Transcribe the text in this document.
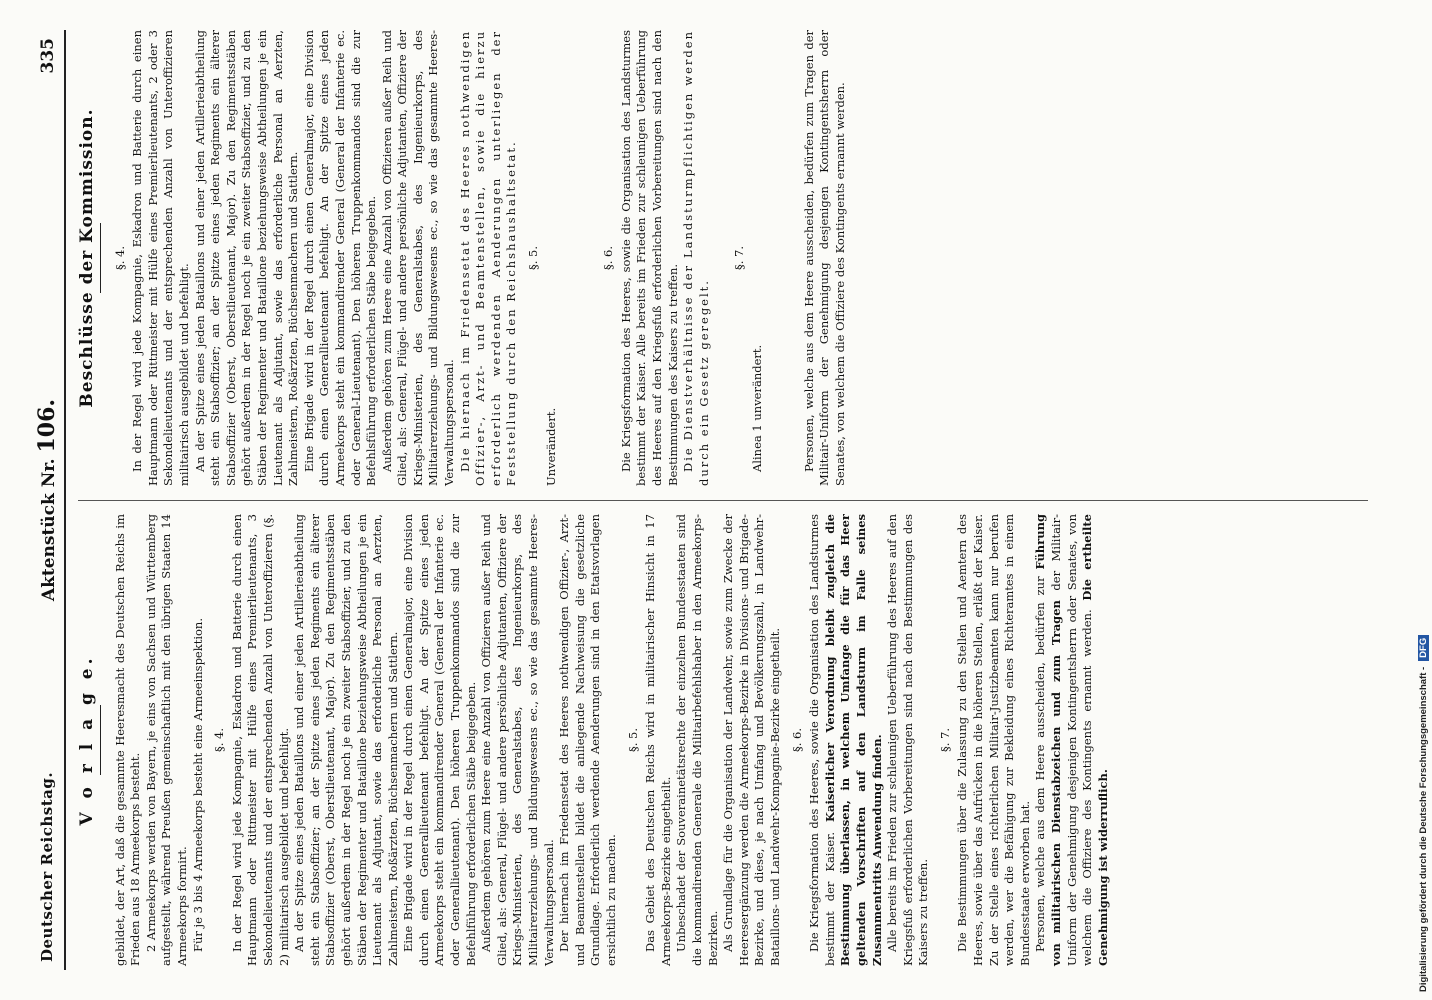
Deutscher Reichstag.
Aktenstück Nr. 106.
335
V o r l a g e. gebildet, der Art, daß die gesammte Heeresmacht des Deutschen Reichs im Frieden aus 18 Armeekorps besteht. 2 Armeekorps werden von Bayern, je eins von Sachsen und Württemberg aufgestellt, während Preußen gemeinschaftlich mit den übrigen Staaten 14 Armeekorps formirt. Für je 3 bis 4 Armeekorps besteht eine Armeeinspektion. §. 4. In der Regel wird jede Kompagnie, Eskadron und Batterie durch einen Hauptmann oder Rittmeister mit Hülfe eines Premierlieutenants, 3 Sekondelieutenants und der entsprechenden Anzahl von Unteroffizieren (§. 2) militairisch ausgebildet und befehligt. An der Spitze eines jeden Bataillons und einer jeden Artillerieabtheilung steht ein Stabsoffizier; an der Spitze eines jeden Regiments ein älterer Stabsoffizier (Oberst, Oberstlieutenant, Major). Zu den Regimentsstäben gehört außerdem in der Regel noch je ein zweiter Stabsoffizier, und zu den Stäben der Regimenter und Bataillone beziehungsweise Abtheilungen je ein Lieutenant als Adjutant, sowie das erforderliche Personal an Aerzten, Zahlmeistern, Roßärzten, Büchsenmachern und Sattlern. Eine Brigade wird in der Regel durch einen Generalmajor, eine Division durch einen Generallieutenant befehligt. An der Spitze eines jeden Armeekorps steht ein kommandirender General (General der Infanterie ec. oder Generallieutenant). Den höheren Truppenkommandos sind die zur Befehlführung erforderlichen Stäbe beigegeben. Außerdem gehören zum Heere eine Anzahl von Offizieren außer Reih und Glied, als: General, Flügel- und andere persönliche Adjutanten, Offiziere der Kriegs-Ministerien, des Generalstabes, des Ingenieurkorps, des Militairerziehungs- und Bildungswesens ec., so wie das gesammte Heeres-Verwaltungspersonal. Der hiernach im Friedensetat des Heeres nothwendigen Offizier-, Arzt- und Beamtenstellen bildet die anliegende Nachweisung die gesetzliche Grundlage. Erforderlich werdende Aenderungen sind in den Etatsvorlagen ersichtlich zu machen.

§. 5. Das Gebiet des Deutschen Reichs wird in militairischer Hinsicht in 17 Armeekorps-Bezirke eingetheilt. Unbeschadet der Souverainetätsrechte der einzelnen Bundesstaaten sind die kommandirenden Generale die Militairbefehlshaber in den Armeekorps-Bezirken. Als Grundlage für die Organisation der Landwehr, sowie zum Zwecke der Heeresergänzung werden die Armeekorps-Bezirke in Divisions- und Brigade-Bezirke, und diese, je nach Umfang und Bevölkerungszahl, in Landwehr-Bataillons- und Landwehr-Kompagnie-Bezirke eingetheilt. §. 6. Die Kriegsformation des Heeres, sowie die Organisation des Landsturmes bestimmt der Kaiser. Kaiserlicher Verordnung bleibt zugleich die Bestimmung überlassen, in welchem Umfange die für das Heer geltenden Vorschriften auf den Landsturm im Falle seines Zusammentritts Anwendung finden. Alle bereits im Frieden zur schleunigen Ueberführung des Heeres auf den Kriegsfuß erforderlichen Vorbereitungen sind nach den Bestimmungen des Kaisers zu treffen.

§. 7. Die Bestimmungen über die Zulassung zu den Stellen und Aemtern des Heeres, sowie über das Aufrücken in die höheren Stellen, erläßt der Kaiser. Zu der Stelle eines richterlichen Militair-Justizbeamten kann nur berufen werden, wer die Befähigung zur Bekleidung eines Richteramtes in einem Bundesstaate erworben hat. Personen, welche aus dem Heere ausscheiden, bedürfen zur Führung von militairischen Dienstabzeichen und zum Tragen der Militair-Uniform der Genehmigung desjenigen Kontingentsherrn oder Senates, von welchem die Offiziere des Kontingents ernannt werden. Die ertheilte Genehmigung ist widerruflich.

Beschlüsse der Kommission. §. 4. In der Regel wird jede Kompagnie, Eskadron und Batterie durch einen Hauptmann oder Rittmeister mit Hülfe eines Premierlieutenants, 2 oder 3 Sekondelieutenants und der entsprechenden Anzahl von Unteroffizieren militairisch ausgebildet und befehligt. An der Spitze eines jeden Bataillons und einer jeden Artillerieabtheilung steht ein Stabsoffizier; an der Spitze eines jeden Regiments ein älterer Stabsoffizier (Oberst, Oberstlieutenant, Major). Zu den Regimentsstäben gehört außerdem in der Regel noch je ein zweiter Stabsoffizier, und zu den Stäben der Regimenter und Bataillone beziehungsweise Abtheilungen je ein Lieutenant als Adjutant, sowie das erforderliche Personal an Aerzten, Zahlmeistern, Roßärzten, Büchsenmachern und Sattlern. Eine Brigade wird in der Regel durch einen Generalmajor, eine Division durch einen Generallieutenant befehligt. An der Spitze eines jeden Armeekorps steht ein kommandirender General (General der Infanterie ec. oder General-Lieutenant). Den höheren Truppenkommandos sind die zur Befehlsführung erforderlichen Stäbe beigegeben. Außerdem gehören zum Heere eine Anzahl von Offizieren außer Reih und Glied, als: General, Flügel- und andere persönliche Adjutanten, Offiziere der Kriegs-Ministerien, des Generalstabes, des Ingenieurkorps, des Militairerziehungs- und Bildungswesens ec., so wie das gesammte Heeres-Verwaltungspersonal. Die hiernach im Friedensetat des Heeres nothwendigen Offizier-, Arzt- und Beamtenstellen, sowie die hierzu erforderlich werdenden Aenderungen unterliegen der Feststellung durch den Reichshaushaltsetat. §. 5.

Unverändert.

§. 6. Die Kriegsformation des Heeres, sowie die Organisation des Landsturmes bestimmt der Kaiser. Alle bereits im Frieden zur schleunigen Ueberführung des Heeres auf den Kriegsfuß erforderlichen Vorbereitungen sind nach den Bestimmungen des Kaisers zu treffen. Die Dienstverhältnisse der Landsturmpflichtigen werden durch ein Gesetz geregelt.

§. 7.

Alinea 1 unverändert.	Personen, welche aus dem Heere ausscheiden, bedürfen zum Tragen der Militair-Uniform der Genehmigung desjenigen Kontingentsherrn oder Senates, von welchem die Offiziere des Kontingents ernannt werden.

Digitalisierung gefördert durch die Deutsche Forschungsgemeinschaft -DFG
